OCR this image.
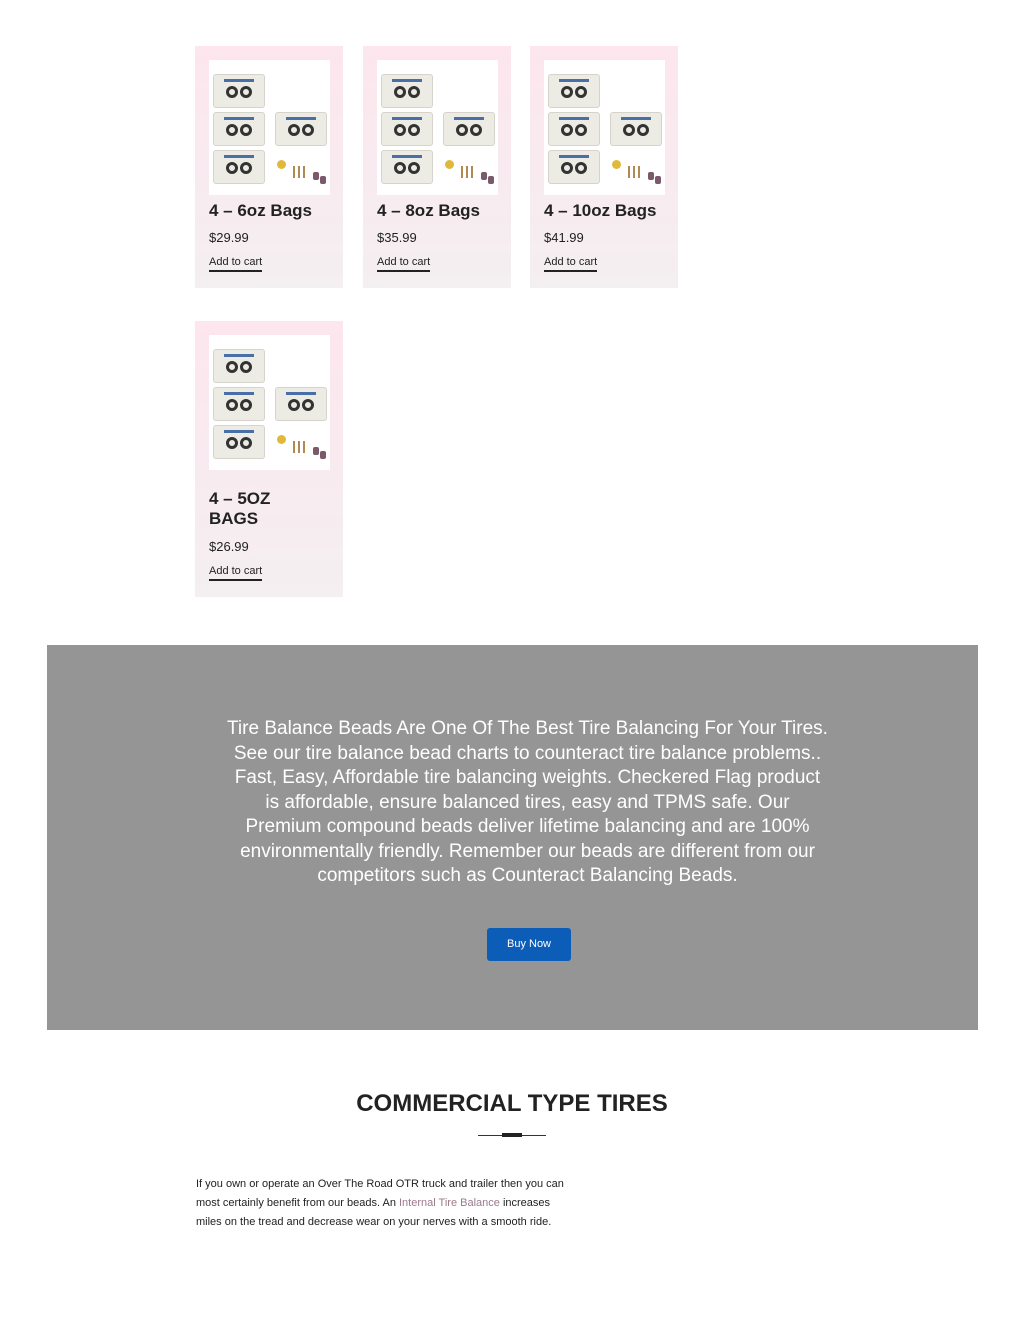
4 – 6oz Bags
$29.99
Add to cart
4 – 8oz Bags
$35.99
Add to cart
4 – 10oz Bags
$41.99
Add to cart
4 – 5OZ
BAGS
$26.99
Add to cart
Tire Balance Beads Are One Of The Best Tire Balancing For Your Tires. See our tire balance bead charts to counteract tire balance problems.. Fast, Easy, Affordable tire balancing weights. Checkered Flag product is affordable, ensure balanced tires, easy and TPMS safe. Our Premium compound beads deliver lifetime balancing and are 100% environmentally friendly. Remember our beads are different from our competitors such as Counteract Balancing Beads.
Buy Now
COMMERCIAL TYPE TIRES
If you own or operate an Over The Road OTR truck and trailer then you can most certainly benefit from our beads. An Internal Tire Balance increases miles on the tread and decrease wear on your nerves with a smooth ride.
